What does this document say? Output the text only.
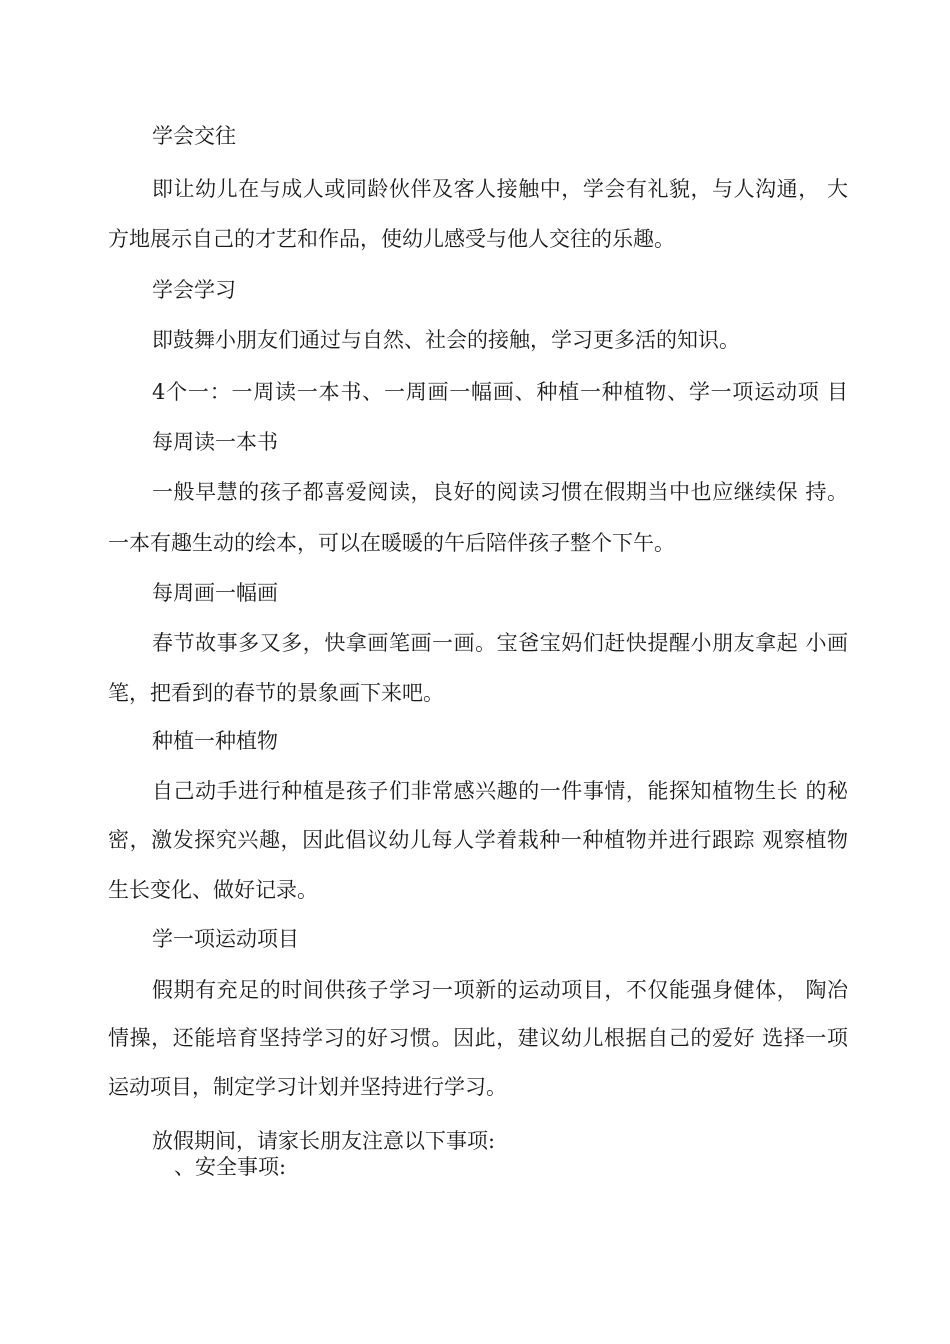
学会交往
即让幼儿在与成人或同龄伙伴及客人接触中，学会有礼貌，与人沟通， 大
方地展示自己的才艺和作品，使幼儿感受与他人交往的乐趣。
学会学习
即鼓舞小朋友们通过与自然、社会的接触，学习更多活的知识。
4个一：一周读一本书、一周画一幅画、种植一种植物、学一项运动项 目
每周读一本书
一般早慧的孩子都喜爱阅读，良好的阅读习惯在假期当中也应继续保 持。
一本有趣生动的绘本，可以在暖暖的午后陪伴孩子整个下午。
每周画一幅画
春节故事多又多，快拿画笔画一画。宝爸宝妈们赶快提醒小朋友拿起 小画
笔，把看到的春节的景象画下来吧。
种植一种植物
自己动手进行种植是孩子们非常感兴趣的一件事情，能探知植物生长 的秘
密，激发探究兴趣，因此倡议幼儿每人学着栽种一种植物并进行跟踪 观察植物
生长变化、做好记录。
学一项运动项目
假期有充足的时间供孩子学习一项新的运动项目，不仅能强身健体， 陶冶
情操，还能培育坚持学习的好习惯。因此，建议幼儿根据自己的爱好 选择一项
运动项目，制定学习计划并坚持进行学习。
放假期间，请家长朋友注意以下事项:
、安全事项:
